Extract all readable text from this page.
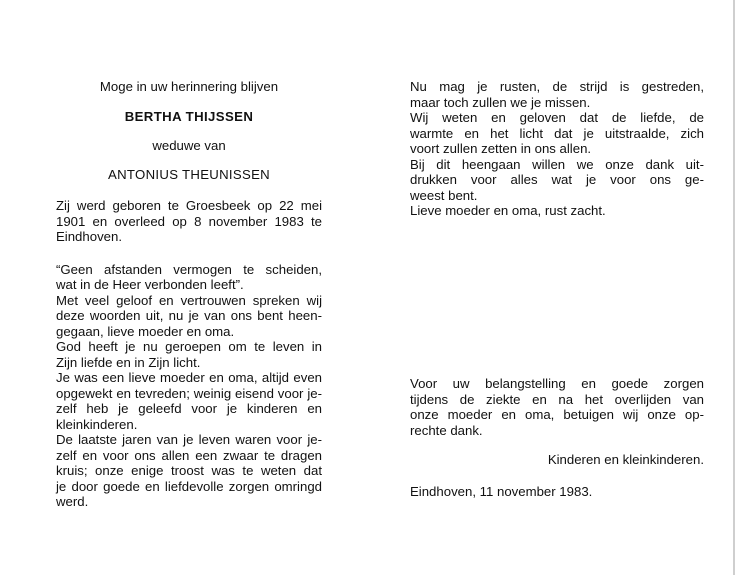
Moge in uw herinnering blijven

BERTHA THIJSSEN

weduwe van

ANTONIUS THEUNISSEN

Zij werd geboren te Groesbeek op 22 mei
1901 en overleed op 8 november 1983 te
Eindhoven.
“Geen afstanden vermogen te scheiden,
wat in de Heer verbonden leeft”.
Met veel geloof en vertrouwen spreken wij
deze woorden uit, nu je van ons bent heen-
gegaan, lieve moeder en oma.
God heeft je nu geroepen om te leven in
Zijn liefde en in Zijn licht.
Je was een lieve moeder en oma, altijd even
opgewekt en tevreden; weinig eisend voor je-
zelf heb je geleefd voor je kinderen en
kleinkinderen.
De laatste jaren van je leven waren voor je-
zelf en voor ons allen een zwaar te dragen
kruis; onze enige troost was te weten dat
je door goede en liefdevolle zorgen omringd
werd.
Nu mag je rusten, de strijd is gestreden,
maar toch zullen we je missen.
Wij weten en geloven dat de liefde, de
warmte en het licht dat je uitstraalde, zich
voort zullen zetten in ons allen.
Bij dit heengaan willen we onze dank uit-
drukken voor alles wat je voor ons ge-
weest bent.
Lieve moeder en oma, rust zacht.
Voor uw belangstelling en goede zorgen
tijdens de ziekte en na het overlijden van
onze moeder en oma, betuigen wij onze op-
rechte dank.
Kinderen en kleinkinderen.
Eindhoven, 11 november 1983.
